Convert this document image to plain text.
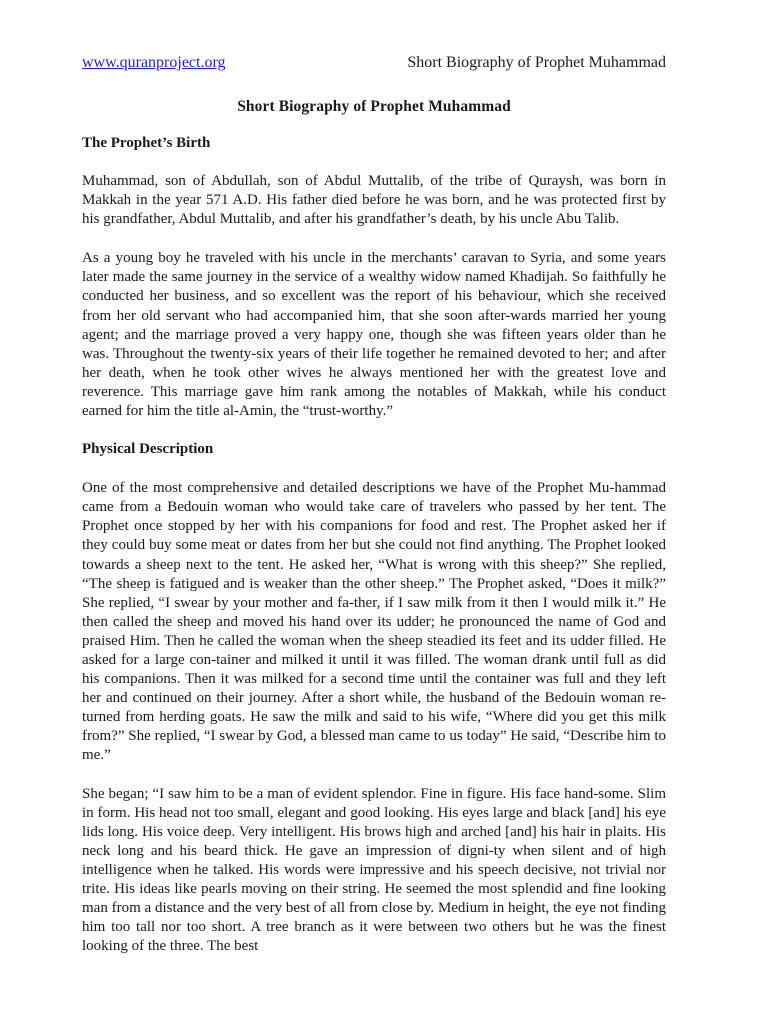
www.quranproject.org	Short Biography of Prophet Muhammad
Short Biography of Prophet Muhammad
The Prophet’s Birth

Muhammad, son of Abdullah, son of Abdul Muttalib, of the tribe of Quraysh, was born in Makkah in the year 571 A.D. His father died before he was born, and he was protected first by his grandfather, Abdul Muttalib, and after his grandfather’s death, by his uncle Abu Talib.

As a young boy he traveled with his uncle in the merchants’ caravan to Syria, and some years later made the same journey in the service of a wealthy widow named Khadijah. So faithfully he conducted her business, and so excellent was the report of his behaviour, which she received from her old servant who had accompanied him, that she soon after-wards married her young agent; and the marriage proved a very happy one, though she was fifteen years older than he was. Throughout the twenty-six years of their life together he remained devoted to her; and after her death, when he took other wives he always mentioned her with the greatest love and reverence. This marriage gave him rank among the notables of Makkah, while his conduct earned for him the title al-Amin, the “trust-worthy.”

Physical Description

One of the most comprehensive and detailed descriptions we have of the Prophet Mu-hammad came from a Bedouin woman who would take care of travelers who passed by her tent. The Prophet once stopped by her with his companions for food and rest. The Prophet asked her if they could buy some meat or dates from her but she could not find anything. The Prophet looked towards a sheep next to the tent. He asked her, “What is wrong with this sheep?” She replied, “The sheep is fatigued and is weaker than the other sheep.” The Prophet asked, “Does it milk?” She replied, “I swear by your mother and fa-ther, if I saw milk from it then I would milk it.” He then called the sheep and moved his hand over its udder; he pronounced the name of God and praised Him. Then he called the woman when the sheep steadied its feet and its udder filled. He asked for a large con-tainer and milked it until it was filled. The woman drank until full as did his companions. Then it was milked for a second time until the container was full and they left her and continued on their journey. After a short while, the husband of the Bedouin woman re-turned from herding goats. He saw the milk and said to his wife, “Where did you get this milk from?” She replied, “I swear by God, a blessed man came to us today” He said, “Describe him to me.”

She began; “I saw him to be a man of evident splendor. Fine in figure. His face hand-some. Slim in form. His head not too small, elegant and good looking. His eyes large and black [and] his eye lids long. His voice deep. Very intelligent. His brows high and arched [and] his hair in plaits. His neck long and his beard thick. He gave an impression of digni-ty when silent and of high intelligence when he talked. His words were impressive and his speech decisive, not trivial nor trite. His ideas like pearls moving on their string. He seemed the most splendid and fine looking man from a distance and the very best of all from close by. Medium in height, the eye not finding him too tall nor too short. A tree branch as it were between two others but he was the finest looking of the three. The best
